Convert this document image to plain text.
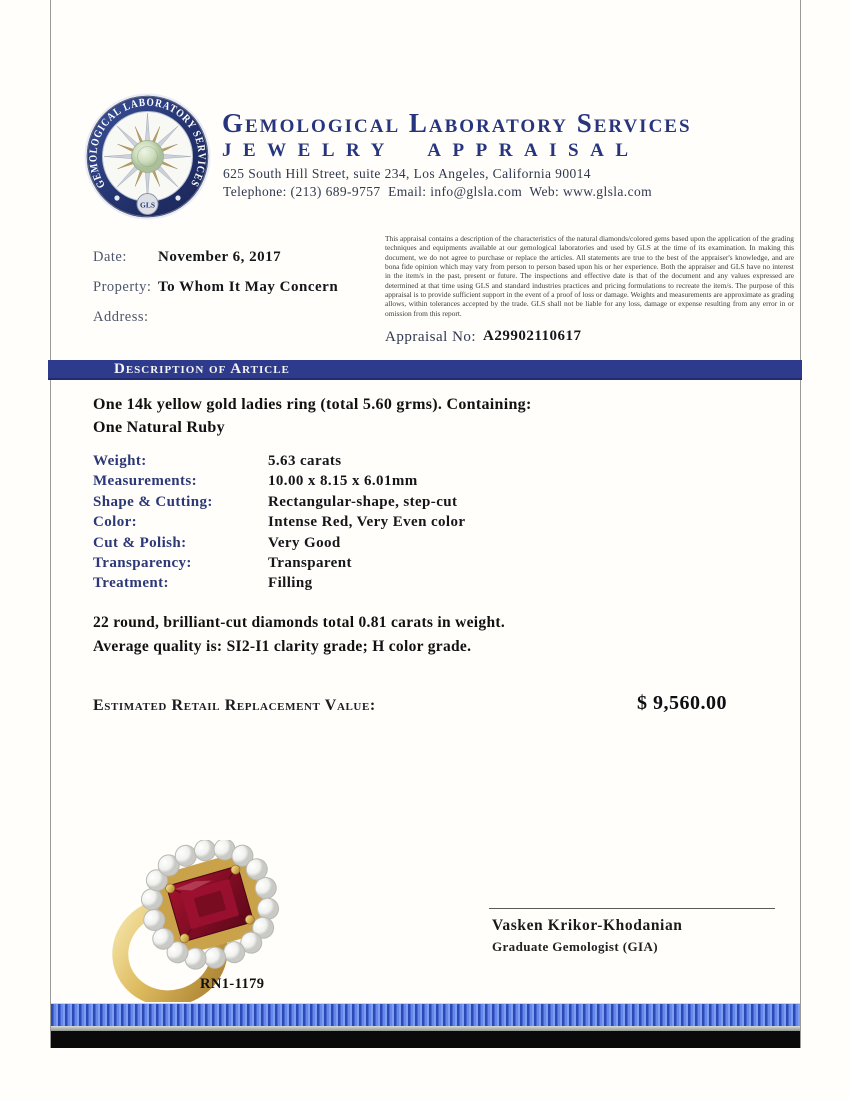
GEMOLOGICAL LABORATORY SERVICES
GLS
Gemological Laboratory Services
JEWELRY APPRAISAL
625 South Hill Street, suite 234, Los Angeles, California 90014
Telephone: (213) 689-9757  Email: info@glsla.com  Web: www.glsla.com
Date: November 6, 2017
Property: To Whom It May Concern
Address:
This appraisal contains a description of the characteristics of the natural diamonds/colored gems based upon the application of the grading techniques and equipments available at our gemological laboratories and used by GLS at the time of its examination. In making this document, we do not agree to purchase or replace the articles. All statements are true to the best of the appraiser's knowledge, and are bona fide opinion which may vary from person to person based upon his or her experience. Both the appraiser and GLS have no interest in the item/s in the past, present or future. The inspections and effective date is that of the document and any values expressed are determined at that time using GLS and standard industries practices and pricing formulations to recreate the item/s. The purpose of this appraisal is to provide sufficient support in the event of a proof of loss or damage. Weights and measurements are approximate as grading allows, within tolerances accepted by the trade. GLS shall not be liable for any loss, damage or expense resulting from any error in or omission from this report.
Appraisal No: A29902110617
Description of Article
One 14k yellow gold ladies ring (total 5.60 grms). Containing:
One Natural Ruby
Weight:	5.63 carats
Measurements:	10.00 x 8.15 x 6.01mm
Shape & Cutting:	Rectangular-shape, step-cut
Color:	Intense Red, Very Even color
Cut & Polish:	Very Good
Transparency:	Transparent
Treatment:	Filling
22 round, brilliant-cut diamonds total 0.81 carats in weight.
Average quality is: SI2-I1 clarity grade; H color grade.
Estimated Retail Replacement Value:	$ 9,560.00
RN1-1179
Vasken Krikor-Khodanian
Graduate Gemologist (GIA)
